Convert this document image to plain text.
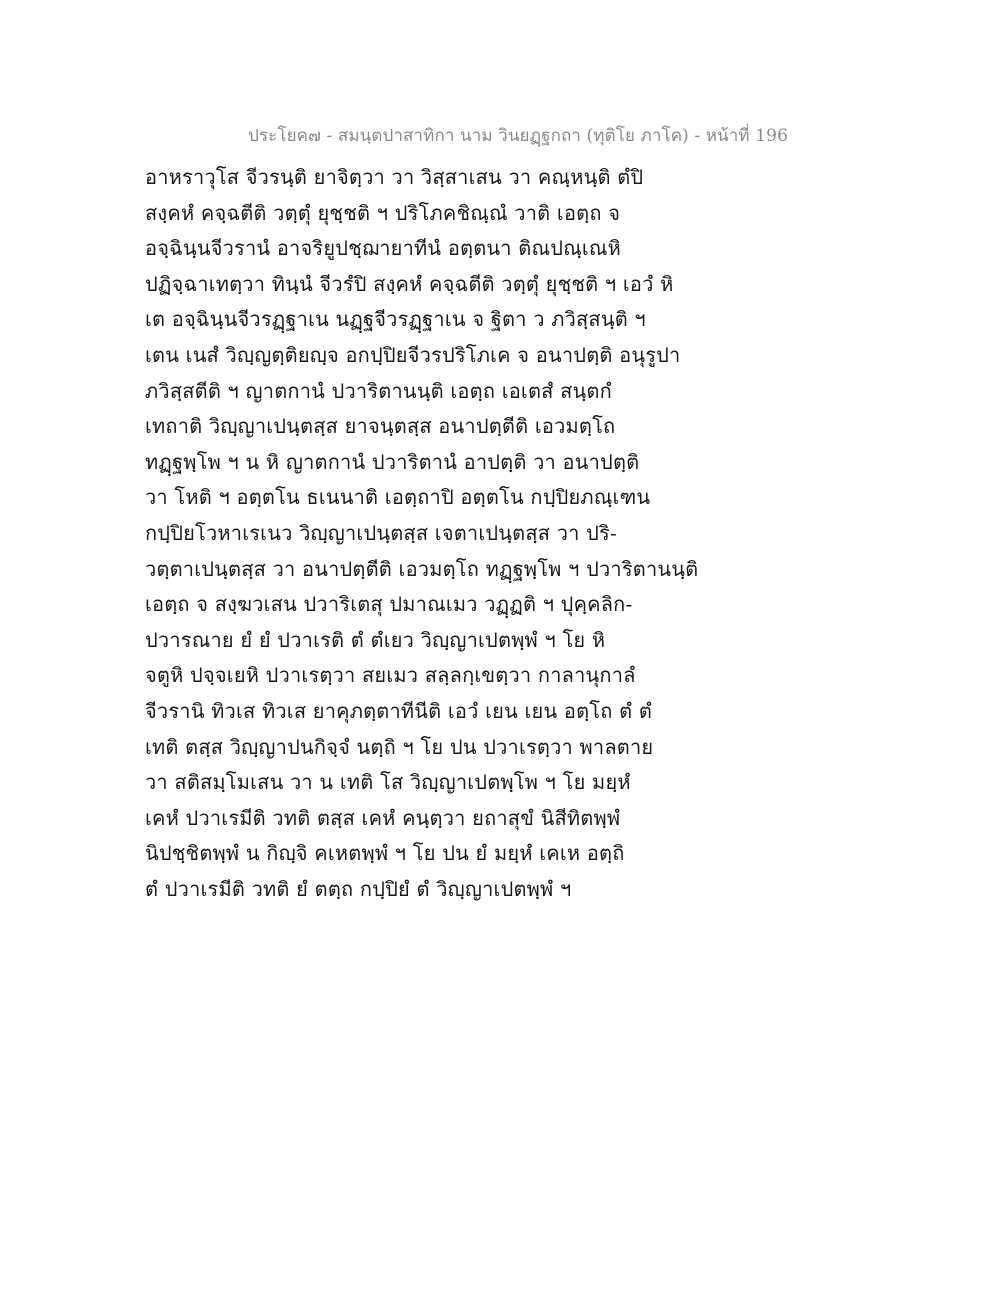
ประโยค๗ - สมนฺตปาสาทิกา นาม วินยฏฺฐกถา (ทุติโย ภาโค) - หน้าที่ 196
อาหราวุโส จีวรนฺติ ยาจิตฺวา วา วิสฺสาเสน วา คณฺหนฺติ ตํปิ
สงฺคหํ คจฺฉตีติ วตฺตุํ ยุชฺชติ ฯ ปริโภคชิณฺณํ วาติ เอตฺถ จ
อจฺฉินฺนจีวรานํ อาจริยูปชฺฌายาทีนํ อตฺตนา ติณปณฺเณหิ
ปฏิจฺฉาเทตฺวา ทินฺนํ จีวรํปิ สงฺคหํ คจฺฉตีติ วตฺตุํ ยุชฺชติ ฯ เอวํ หิ
เต อจฺฉินฺนจีวรฏฺฐาเน นฏฺฐจีวรฏฺฐาเน จ ฐิตา ว ภวิสฺสนฺติ ฯ
เตน เนสํ วิญฺญตฺติยญฺจ อกปฺปิยจีวรปริโภเค จ อนาปตฺติ อนุรูปา
ภวิสฺสตีติ ฯ ญาตกานํ ปวาริตานนฺติ เอตฺถ เอเตสํ สนฺตกํ
เทถาติ วิญฺญาเปนฺตสฺส ยาจนฺตสฺส อนาปตฺตีติ เอวมตฺโถ
ทฏฺฐพฺโพ ฯ น หิ ญาตกานํ ปวาริตานํ อาปตฺติ วา อนาปตฺติ
วา โหติ ฯ อตฺตโน ธเนนาติ เอตฺถาปิ อตฺตโน กปฺปิยภณฺเฑน
กปฺปิยโวหาเรเนว วิญฺญาเปนฺตสฺส เจตาเปนฺตสฺส วา ปริ-
วตฺตาเปนฺตสฺส วา อนาปตฺตีติ เอวมตฺโถ ทฏฺฐพฺโพ ฯ ปวาริตานนฺติ
เอตฺถ จ สงฺฆวเสน ปวาริเตสุ ปมาณเมว วฏฺฏติ ฯ ปุคฺคลิก-
ปวารณาย ยํ ยํ ปวาเรติ ตํ ตํเยว วิญฺญาเปตพฺพํ ฯ โย หิ
จตูหิ ปจฺจเยหิ ปวาเรตฺวา สยเมว สลฺลกฺเขตฺวา กาลานุกาลํ
จีวรานิ ทิวเส ทิวเส ยาคุภตฺตาทีนีติ เอวํ เยน เยน อตฺโถ ตํ ตํ
เทติ ตสฺส วิญฺญาปนกิจฺจํ นตฺถิ ฯ โย ปน ปวาเรตฺวา พาลตาย
วา สติสมฺโมเสน วา น เทติ โส วิญฺญาเปตพฺโพ ฯ โย มยฺหํ
เคหํ ปวาเรมีติ วทติ ตสฺส เคหํ คนฺตฺวา ยถาสุขํ นิสีทิตพฺพํ
นิปชฺชิตพฺพํ น กิญฺจิ คเหตพฺพํ ฯ โย ปน ยํ มยฺหํ เคเห อตฺถิ
ตํ ปวาเรมีติ วทติ ยํ ตตฺถ กปฺปิยํ ตํ วิญฺญาเปตพฺพํ ฯ
